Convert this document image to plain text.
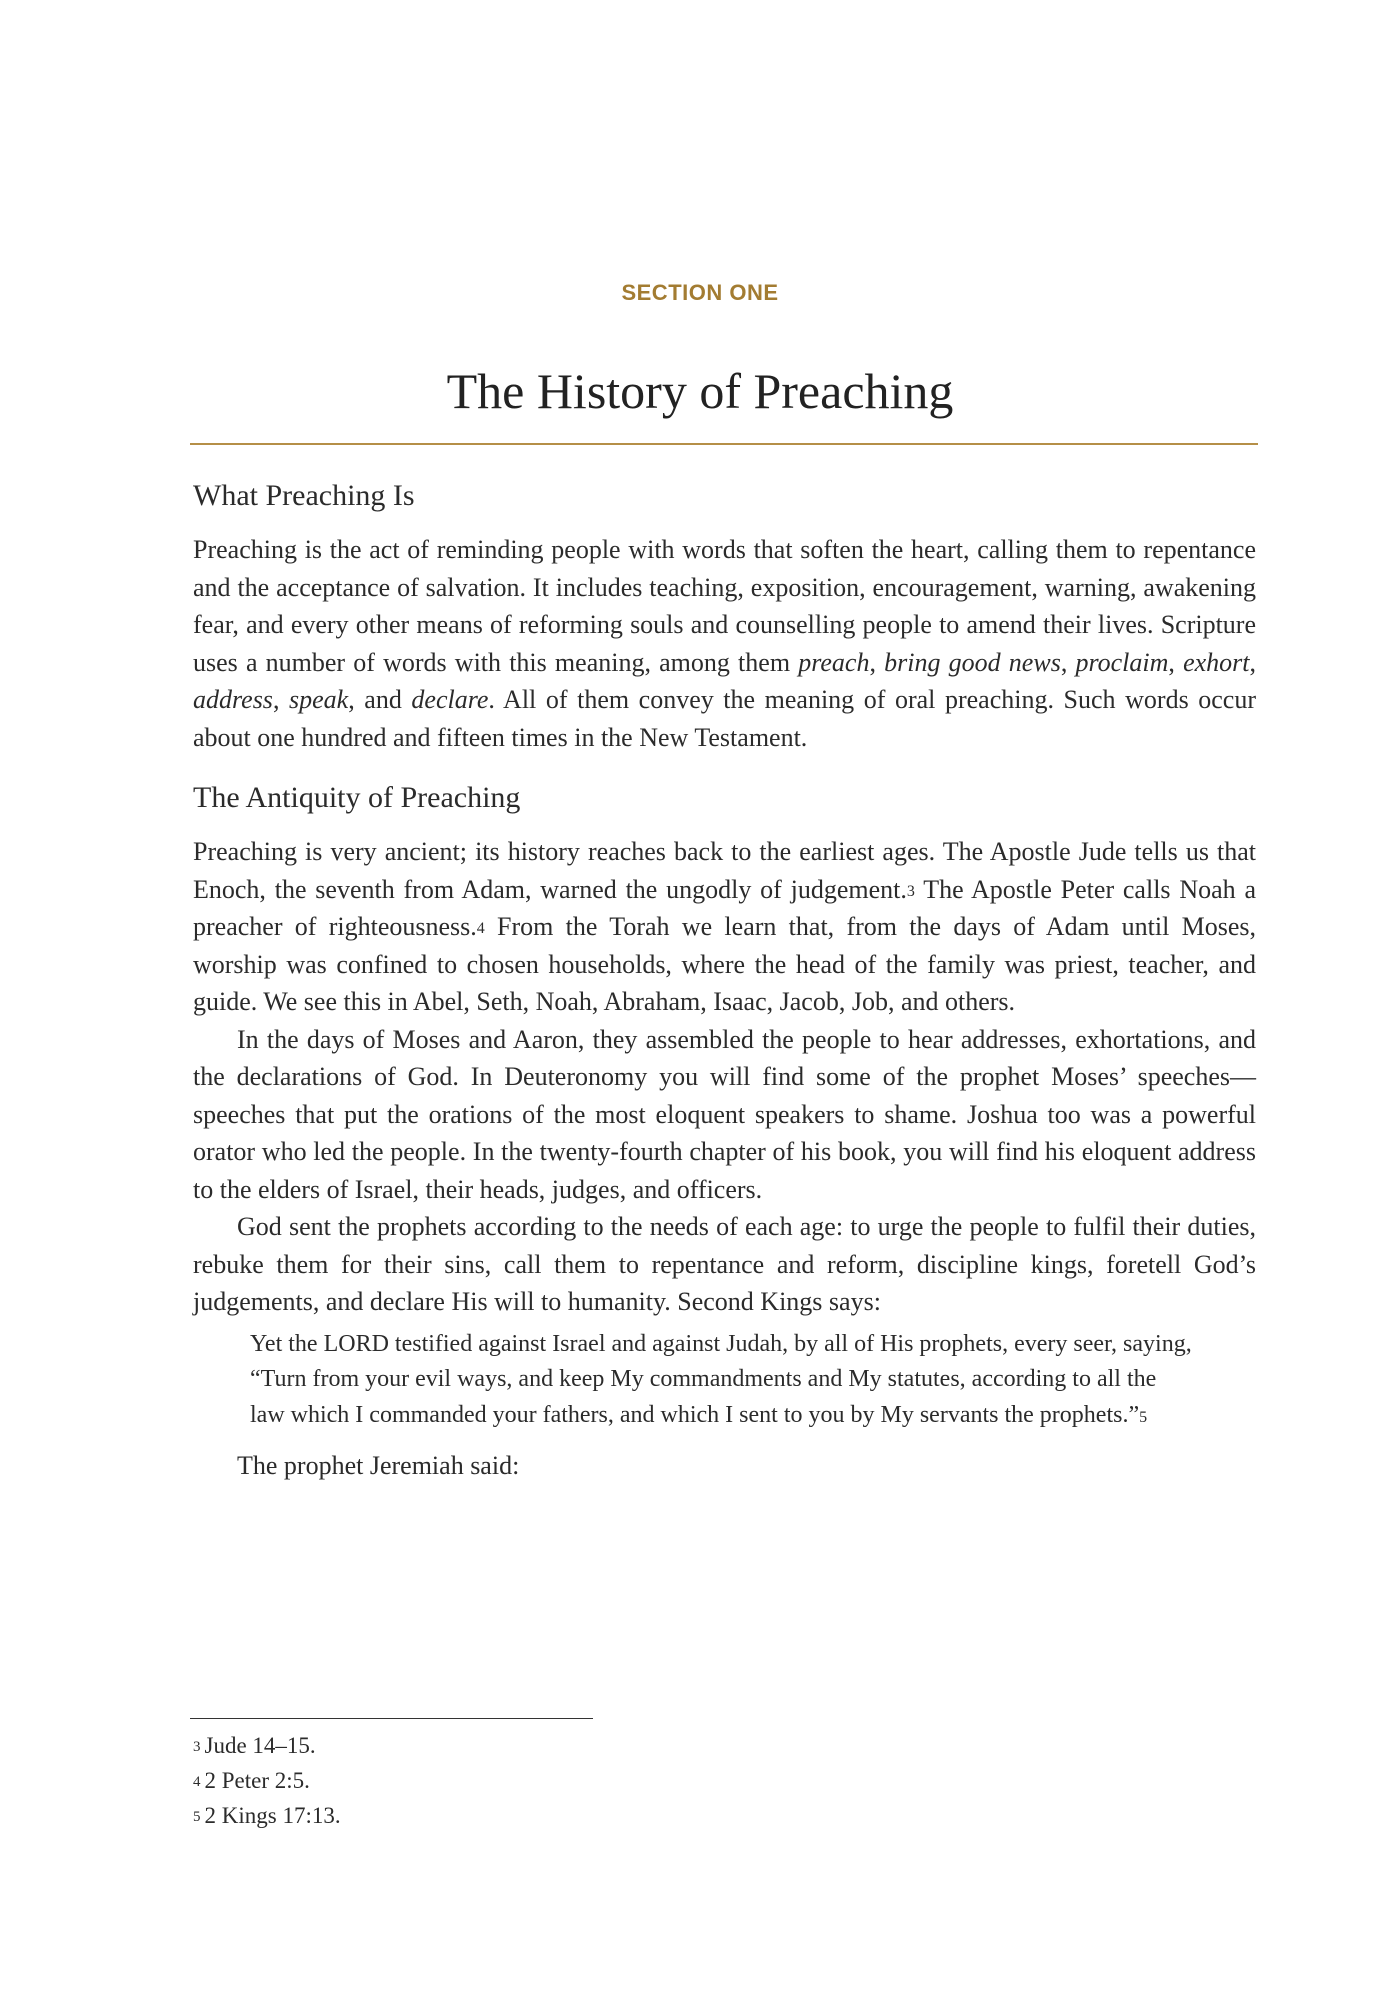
SECTION ONE
The History of Preaching
What Preaching Is

Preaching is the act of reminding people with words that soften the heart, calling them to repentance and the acceptance of salvation. It includes teaching, exposition, encouragement, warning, awakening fear, and every other means of reforming souls and counselling people to amend their lives. Scripture uses a number of words with this meaning, among them preach, bring good news, proclaim, exhort, address, speak, and declare. All of them convey the meaning of oral preaching. Such words occur about one hundred and fifteen times in the New Testament.

The Antiquity of Preaching

Preaching is very ancient; its history reaches back to the earliest ages. The Apostle Jude tells us that Enoch, the seventh from Adam, warned the ungodly of judgement.$^3$ The Apostle Peter calls Noah a preacher of righteousness.$^4$ From the Torah we learn that, from the days of Adam until Moses, worship was confined to chosen households, where the head of the family was priest, teacher, and guide. We see this in Abel, Seth, Noah, Abraham, Isaac, Jacob, Job, and others.

In the days of Moses and Aaron, they assembled the people to hear addresses, exhortations, and the declarations of God. In Deuteronomy you will find some of the prophet Moses’ speeches—speeches that put the orations of the most eloquent speakers to shame. Joshua too was a powerful orator who led the people. In the twenty-fourth chapter of his book, you will find his eloquent address to the elders of Israel, their heads, judges, and officers.

God sent the prophets according to the needs of each age: to urge the people to fulfil their duties, rebuke them for their sins, call them to repentance and reform, discipline kings, foretell God’s judgements, and declare His will to humanity. Second Kings says:

Yet the LORD testified against Israel and against Judah, by all of His prophets, every seer, saying, “Turn from your evil ways, and keep My commandments and My statutes, according to all the law which I commanded your fathers, and which I sent to you by My servants the prophets.”$^5$

The prophet Jeremiah said:

$^3$ Jude 14–15.
$^4$ 2 Peter 2:5.
$^5$ 2 Kings 17:13.
